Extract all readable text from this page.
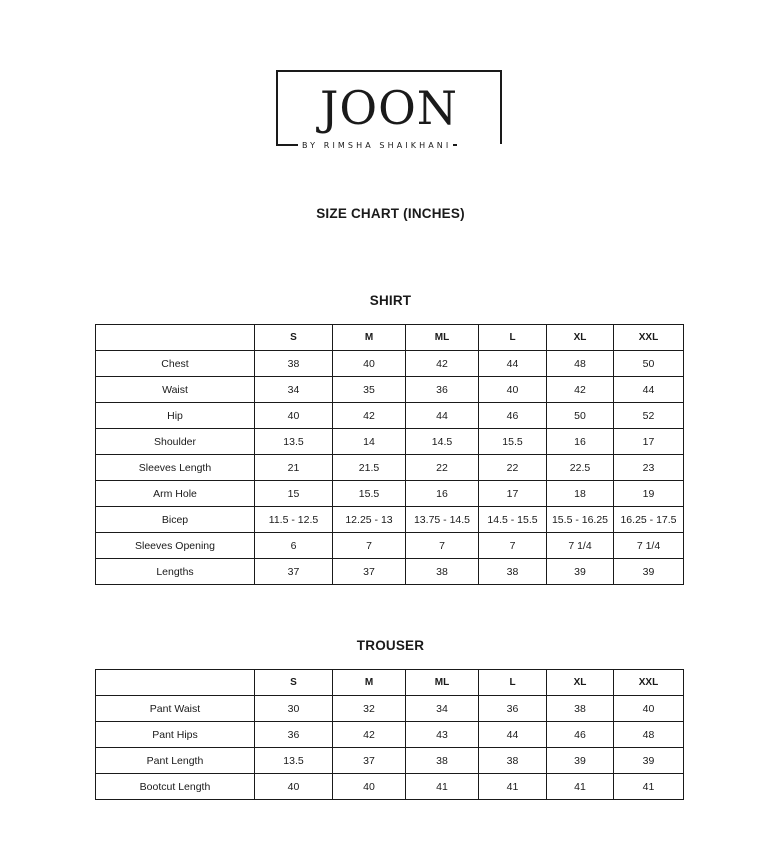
JOON
BY RIMSHA SHAIKHANI
SIZE CHART (INCHES)
SHIRT
	S	M	ML	L	XL	XXL
Chest	38	40	42	44	48	50
Waist	34	35	36	40	42	44
Hip	40	42	44	46	50	52
Shoulder	13.5	14	14.5	15.5	16	17
Sleeves Length	21	21.5	22	22	22.5	23
Arm Hole	15	15.5	16	17	18	19
Bicep	11.5 - 12.5	12.25 - 13	13.75 - 14.5	14.5 - 15.5	15.5 - 16.25	16.25 - 17.5
Sleeves Opening	6	7	7	7	7 1/4	7 1/4
Lengths	37	37	38	38	39	39
TROUSER
	S	M	ML	L	XL	XXL
Pant Waist	30	32	34	36	38	40
Pant Hips	36	42	43	44	46	48
Pant Length	13.5	37	38	38	39	39
Bootcut Length	40	40	41	41	41	41
